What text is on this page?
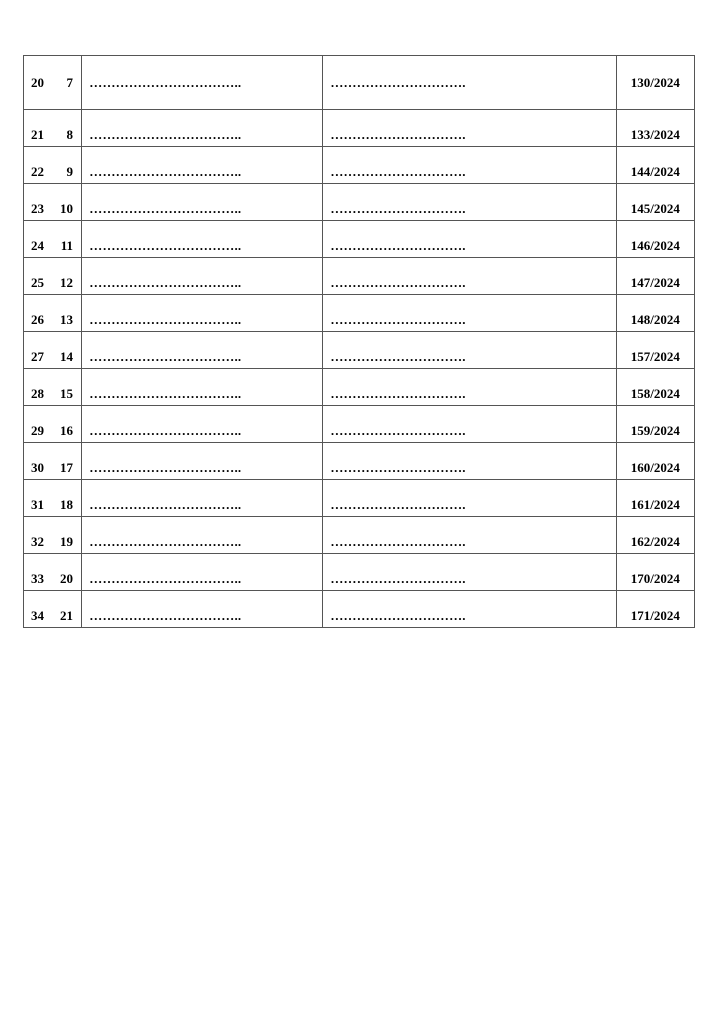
20 7	……………………………..	………………………….	130/2024

21 8	……………………………..	………………………….	133/2024

22 9	……………………………..	………………………….	144/2024

23 10	……………………………..	………………………….	145/2024

24 11	……………………………..	………………………….	146/2024

25 12	……………………………..	………………………….	147/2024

26 13	……………………………..	………………………….	148/2024

27 14	……………………………..	………………………….	157/2024

28 15	……………………………..	………………………….	158/2024

29 16	……………………………..	………………………….	159/2024

30 17	……………………………..	………………………….	160/2024

31 18	……………………………..	………………………….	161/2024

32 19	……………………………..	………………………….	162/2024

33 20	……………………………..	………………………….	170/2024

34 21	……………………………..	………………………….	171/2024
